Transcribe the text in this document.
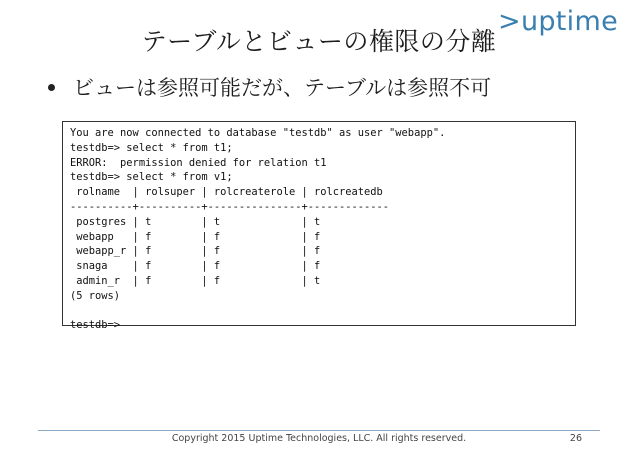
テーブルとビューの権限の分離
>uptime
ビューは参照可能だが、テーブルは参照不可
You are now connected to database "testdb" as user "webapp".
testdb=> select * from t1;
ERROR:  permission denied for relation t1
testdb=> select * from v1;
rolname  | rolsuper | rolcreaterole | rolcreatedb
----------+----------+---------------+-------------
postgres | t        | t             | t
webapp   | f        | f             | f
webapp_r | f        | f             | f
snaga    | f        | f             | f
admin_r  | f        | f             | t
(5 rows)

testdb=>
Copyright 2015 Uptime Technologies, LLC. All rights reserved.	26
